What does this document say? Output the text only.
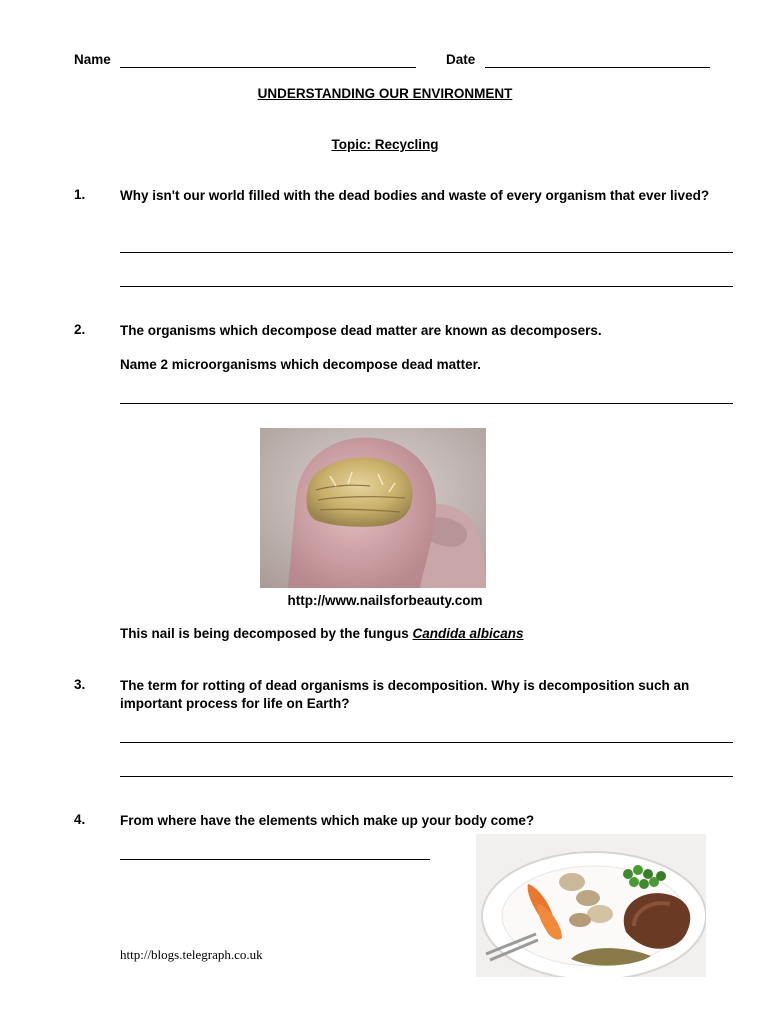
Name	Date
UNDERSTANDING OUR ENVIRONMENT
Topic: Recycling
1.	Why isn't our world filled with the dead bodies and waste of every organism that ever lived?
2.	The organisms which decompose dead matter are known as decomposers.
Name 2 microorganisms which decompose dead matter.
http://www.nailsforbeauty.com
This nail is being decomposed by the fungus Candida albicans
3.	The term for rotting of dead organisms is decomposition. Why is decomposition such an important process for life on Earth?
4.	From where have the elements which make up your body come?
http://blogs.telegraph.co.uk
